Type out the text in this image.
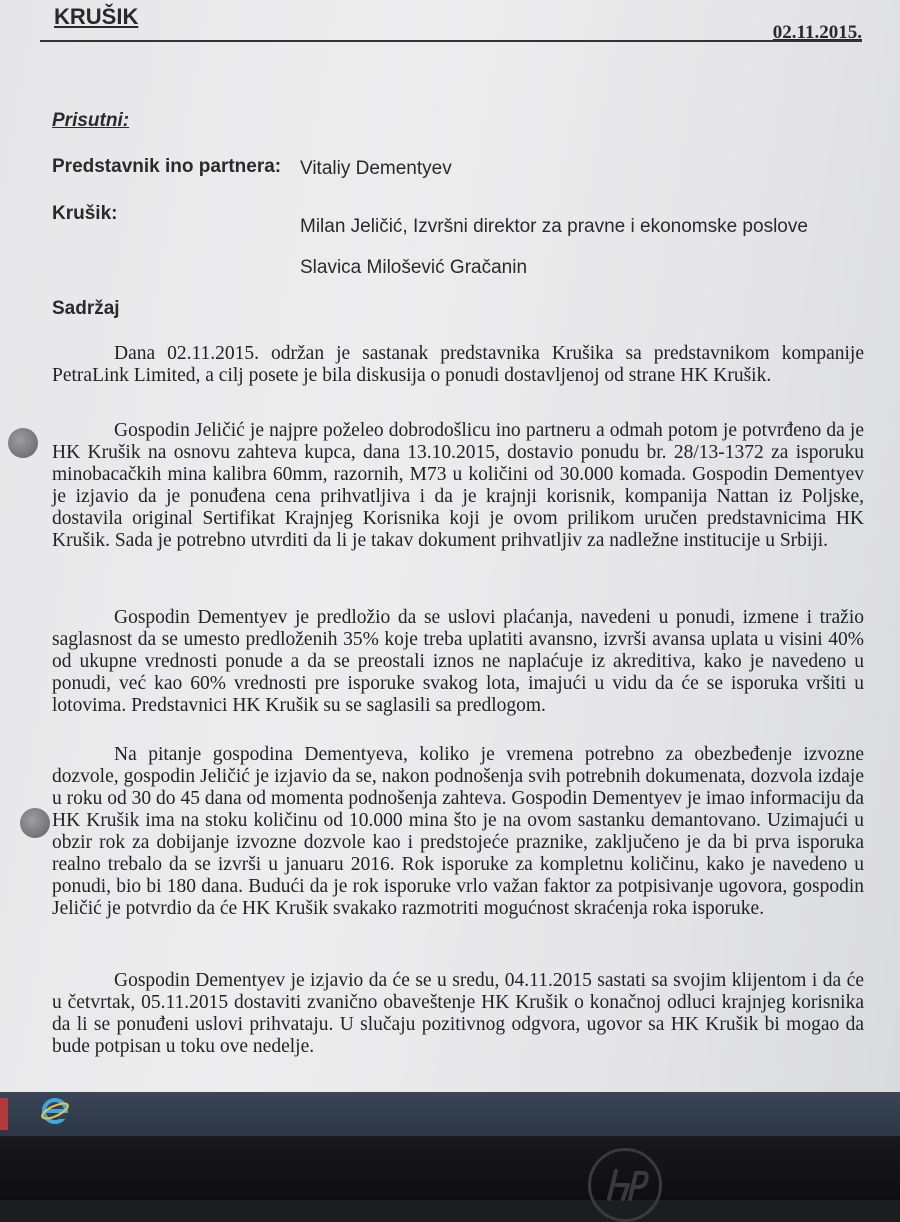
KRUŠIK
02.11.2015.
Prisutni:
Predstavnik ino partnera: Vitaliy Dementyev
Krušik:
Milan Jeličić, Izvršni direktor za pravne i ekonomske poslove
Slavica Milošević Gračanin
Sadržaj

Dana 02.11.2015. održan je sastanak predstavnika Krušika sa predstavnikom kompanije PetraLink Limited, a cilj posete je bila diskusija o ponudi dostavljenoj od strane HK Krušik.

Gospodin Jeličić je najpre poželeo dobrodošlicu ino partneru a odmah potom je potvrđeno da je HK Krušik na osnovu zahteva kupca, dana 13.10.2015, dostavio ponudu br. 28/13-1372 za isporuku minobacačkih mina kalibra 60mm, razornih, M73 u količini od 30.000 komada. Gospodin Dementyev je izjavio da je ponuđena cena prihvatljiva i da je krajnji korisnik, kompanija Nattan iz Poljske, dostavila original Sertifikat Krajnjeg Korisnika koji je ovom prilikom uručen predstavnicima HK Krušik. Sada je potrebno utvrditi da li je takav dokument prihvatljiv za nadležne institucije u Srbiji.

Gospodin Dementyev je predložio da se uslovi plaćanja, navedeni u ponudi, izmene i tražio saglasnost da se umesto predloženih 35% koje treba uplatiti avansno, izvrši avansa uplata u visini 40% od ukupne vrednosti ponude a da se preostali iznos ne naplaćuje iz akreditiva, kako je navedeno u ponudi, već kao 60% vrednosti pre isporuke svakog lota, imajući u vidu da će se isporuka vršiti u lotovima. Predstavnici HK Krušik su se saglasili sa predlogom.

Na pitanje gospodina Dementyeva, koliko je vremena potrebno za obezbeđenje izvozne dozvole, gospodin Jeličić je izjavio da se, nakon podnošenja svih potrebnih dokumenata, dozvola izdaje u roku od 30 do 45 dana od momenta podnošenja zahteva. Gospodin Dementyev je imao informaciju da HK Krušik ima na stoku količinu od 10.000 mina što je na ovom sastanku demantovano. Uzimajući u obzir rok za dobijanje izvozne dozvole kao i predstojeće praznike, zaključeno je da bi prva isporuka realno trebalo da se izvrši u januaru 2016. Rok isporuke za kompletnu količinu, kako je navedeno u ponudi, bio bi 180 dana. Budući da je rok isporuke vrlo važan faktor za potpisivanje ugovora, gospodin Jeličić je potvrdio da će HK Krušik svakako razmotriti mogućnost skraćenja roka isporuke.

Gospodin Dementyev je izjavio da će se u sredu, 04.11.2015 sastati sa svojim klijentom i da će u četvrtak, 05.11.2015 dostaviti zvanično obaveštenje HK Krušik o konačnoj odluci krajnjeg korisnika da li se ponuđeni uslovi prihvataju. U slučaju pozitivnog odgvora, ugovor sa HK Krušik bi mogao da bude potpisan u toku ove nedelje.
